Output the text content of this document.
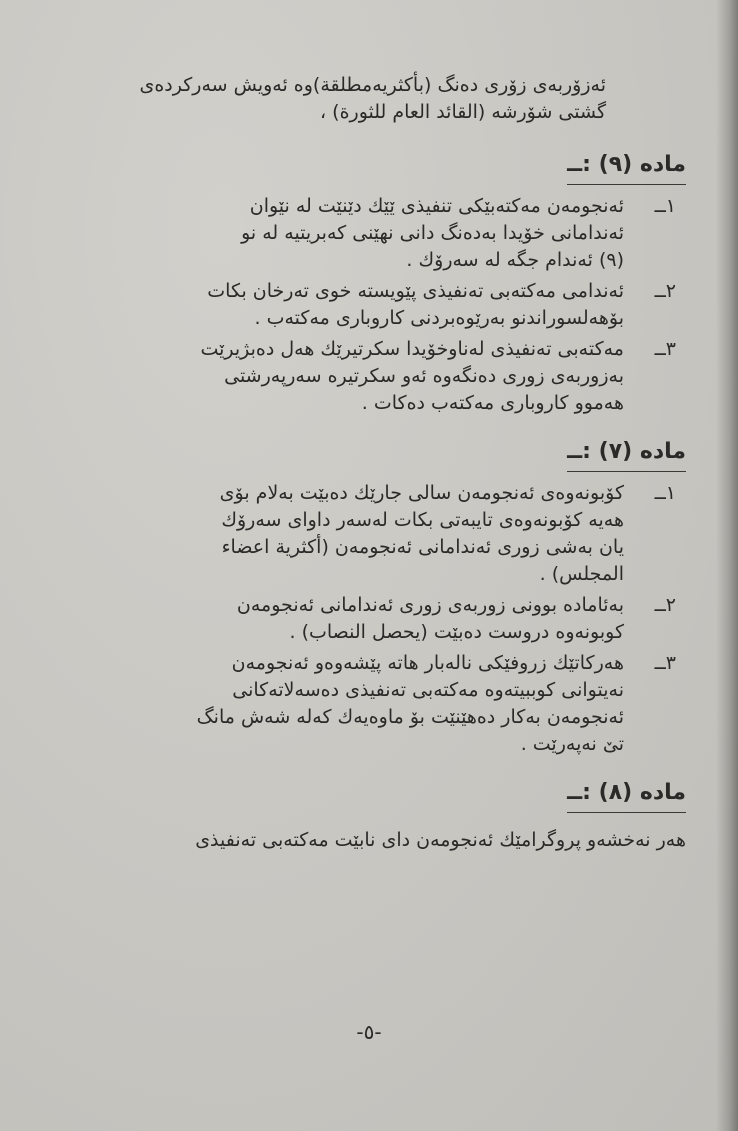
ئەزۆربەی زۆری دەنگ (بأکثریەمطلقة)وە ئەویش سەرکردەی
گشتی شۆرشە (القائد العام للثورة) ،
مادە (٩) :ــ
١ــ
ئەنجومەن مەکتەبێکی تنفیذی ێێك دێنێت لە نێوان
ئەندامانی خۆیدا بەدەنگ دانی نهێنی کەبریتیە لە نو
(٩) ئەندام جگە لە سەرۆك .
٢ــ
ئەندامی مەکتەبی تەنفیذی پێویستە خوی تەرخان بکات
بۆهەلسوراندنو بەرێوەبردنی کاروباری مەکتەب .
٣ــ
مەکتەبی تەنفیذی لەناوخۆیدا سکرتیرێك هەل دەبژیرێت
بەزوربەی زوری دەنگەوە ئەو سکرتیرە سەرپەرشتی
هەموو کاروباری مەکتەب دەکات .
مادە (٧) :ــ
١ــ
کۆبونەوەی ئەنجومەن سالی جارێك دەبێت بەلام بۆی
هەیە کۆبونەوەی تایبەتی بکات لەسەر داوای سەرۆك
یان بەشی زوری ئەندامانی ئەنجومەن (أكثرية اعضاء
المجلس) .
٢ــ
بەئامادە بوونی زوربەی زوری ئەندامانی ئەنجومەن
کوبونەوە دروست دەبێت (يحصل النصاب) .
٣ــ
هەرکاتێك زروفێکی نالەبار هاتە پێشەوەو ئەنجومەن
نەیتوانی کوببیتەوە مەکتەبی تەنفیذی دەسەلاتەکانی
ئەنجومەن بەکار دەهێنێت بۆ ماوەیەك کەلە شەش مانگ
تێ نەپەرێت .
مادە (٨) :ــ
هەر نەخشەو پروگرامێك ئەنجومەن دای نابێت مەکتەبی تەنفیذی
-٥-
